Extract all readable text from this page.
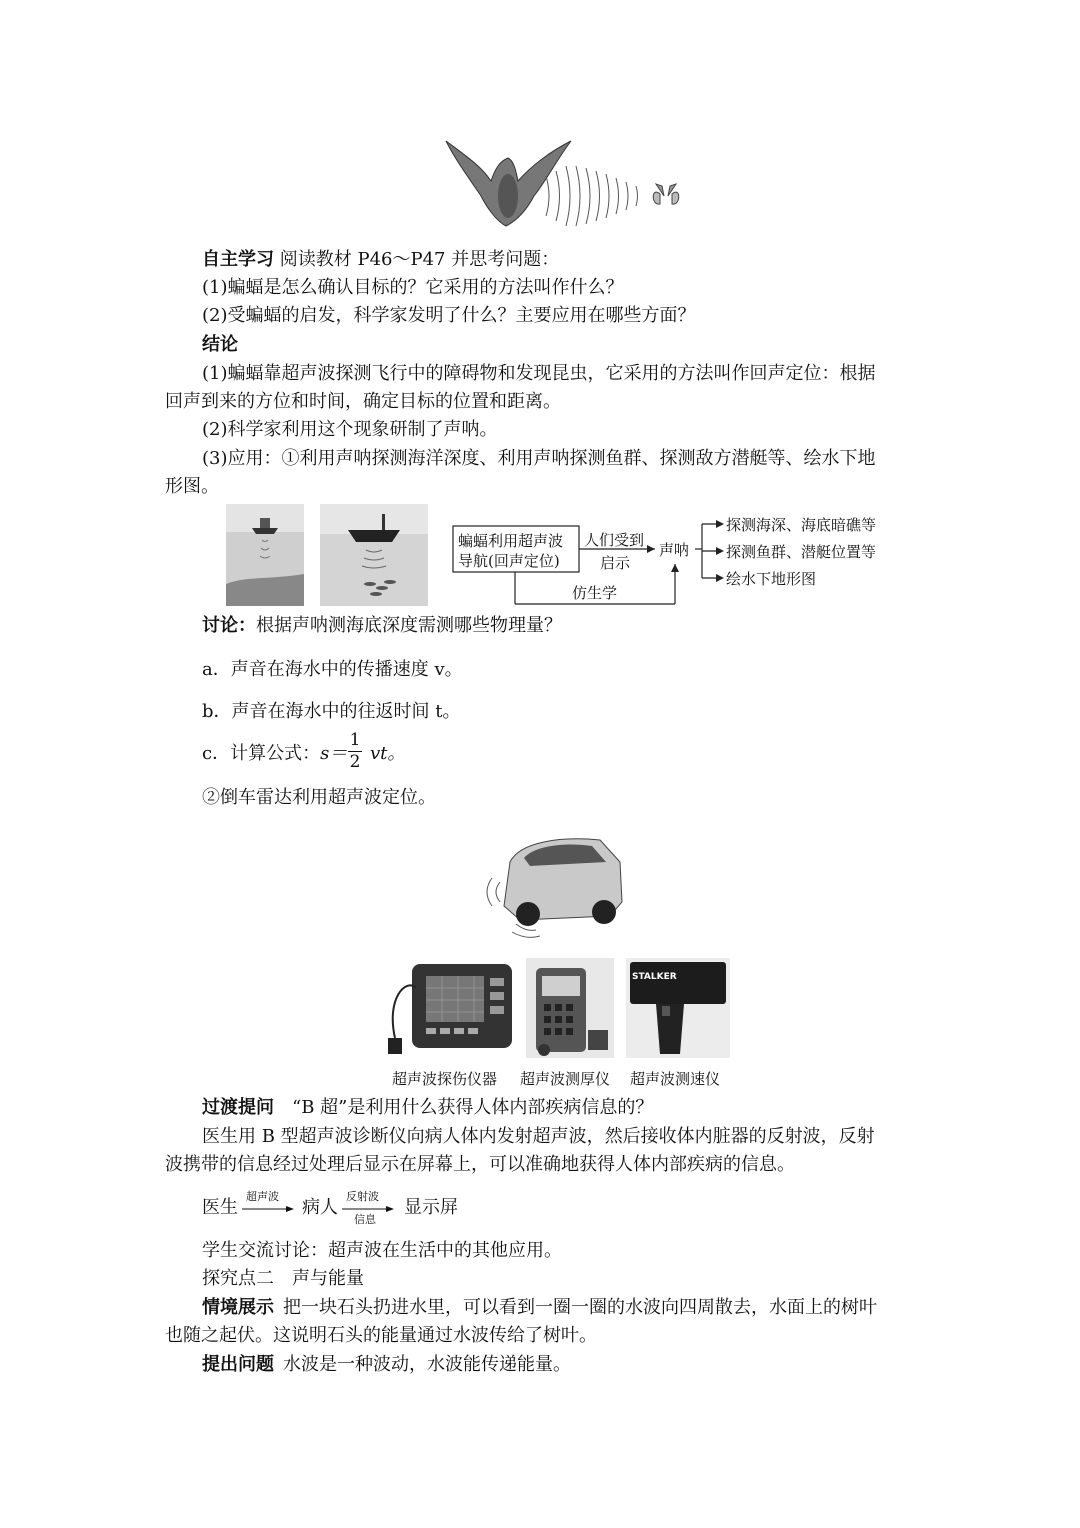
自主学习 阅读教材 P46～P47 并思考问题：
(1)蝙蝠是怎么确认目标的？它采用的方法叫作什么？
(2)受蝙蝠的启发，科学家发明了什么？主要应用在哪些方面？
结论
(1)蝙蝠靠超声波探测飞行中的障碍物和发现昆虫，它采用的方法叫作回声定位：根据
回声到来的方位和时间，确定目标的位置和距离。
(2)科学家利用这个现象研制了声呐。
(3)应用：①利用声呐探测海洋深度、利用声呐探测鱼群、探测敌方潜艇等、绘水下地
形图。
蝙蝠利用超声波
导航(回声定位)
人们受到
启示
声呐
探测海深、海底暗礁等
探测鱼群、潜艇位置等
绘水下地形图
仿生学
讨论：根据声呐测海底深度需测哪些物理量？
a．声音在海水中的传播速度 v。
b．声音在海水中的往返时间 t。
c．计算公式：s＝
1
2 vt。
②倒车雷达利用超声波定位。
STALKER
超声波探伤仪器 超声波测厚仪 超声波测速仪
过渡提问  “B 超”是利用什么获得人体内部疾病信息的？
医生用 B 型超声波诊断仪向病人体内发射超声波，然后接收体内脏器的反射波，反射
波携带的信息经过处理后显示在屏幕上，可以准确地获得人体内部疾病的信息。
医生
超声波
病人
反射波
信息
显示屏
学生交流讨论：超声波在生活中的其他应用。
探究点二　声与能量
情境展示  把一块石头扔进水里，可以看到一圈一圈的水波向四周散去，水面上的树叶
也随之起伏。这说明石头的能量通过水波传给了树叶。
提出问题  水波是一种波动，水波能传递能量。
